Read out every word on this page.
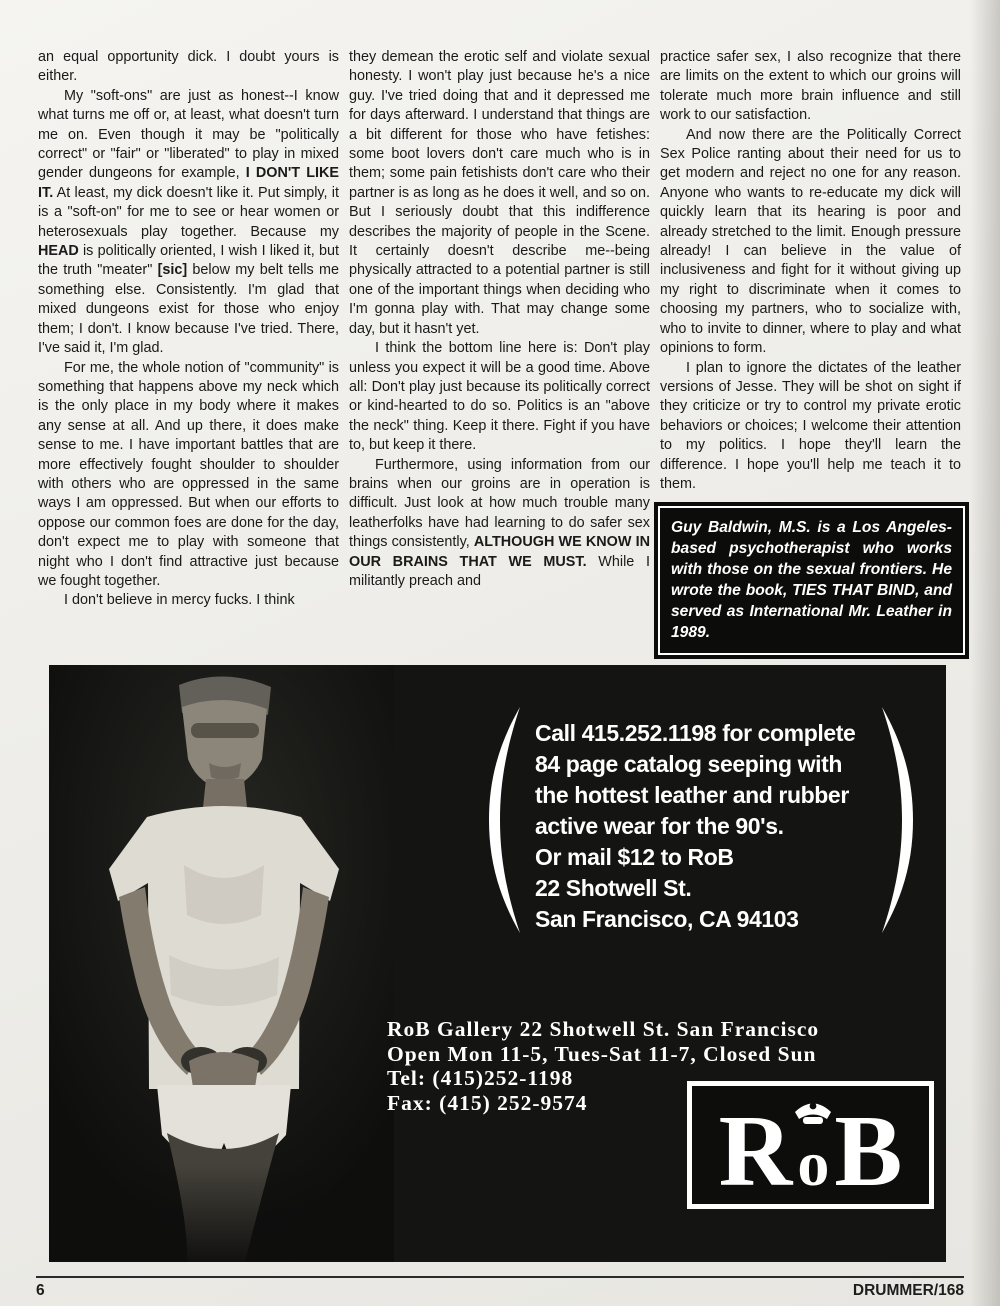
an equal opportunity dick. I doubt yours is either.

My "soft-ons" are just as honest--I know what turns me off or, at least, what doesn't turn me on. Even though it may be "politically correct" or "fair" or "liberated" to play in mixed gender dungeons for example, I DON'T LIKE IT. At least, my dick doesn't like it. Put simply, it is a "soft-on" for me to see or hear women or heterosexuals play together. Because my HEAD is politically oriented, I wish I liked it, but the truth "meater" [sic] below my belt tells me something else. Consistently. I'm glad that mixed dungeons exist for those who enjoy them; I don't. I know because I've tried. There, I've said it, I'm glad.

For me, the whole notion of "community" is something that happens above my neck which is the only place in my body where it makes any sense at all. And up there, it does make sense to me. I have important battles that are more effectively fought shoulder to shoulder with others who are oppressed in the same ways I am oppressed. But when our efforts to oppose our common foes are done for the day, don't expect me to play with someone that night who I don't find attractive just because we fought together.

I don't believe in mercy fucks. I think

they demean the erotic self and violate sexual honesty. I won't play just because he's a nice guy. I've tried doing that and it depressed me for days afterward. I understand that things are a bit different for those who have fetishes: some boot lovers don't care much who is in them; some pain fetishists don't care who their partner is as long as he does it well, and so on. But I seriously doubt that this indifference describes the majority of people in the Scene. It certainly doesn't describe me--being physically attracted to a potential partner is still one of the important things when deciding who I'm gonna play with. That may change some day, but it hasn't yet.

I think the bottom line here is: Don't play unless you expect it will be a good time. Above all: Don't play just because its politically correct or kind-hearted to do so. Politics is an "above the neck" thing. Keep it there. Fight if you have to, but keep it there.

Furthermore, using information from our brains when our groins are in operation is difficult. Just look at how much trouble many leatherfolks have had learning to do safer sex things consistently, ALTHOUGH WE KNOW IN OUR BRAINS THAT WE MUST. While I militantly preach and

practice safer sex, I also recognize that there are limits on the extent to which our groins will tolerate much more brain influence and still work to our satisfaction.

And now there are the Politically Correct Sex Police ranting about their need for us to get modern and reject no one for any reason. Anyone who wants to re-educate my dick will quickly learn that its hearing is poor and already stretched to the limit. Enough pressure already! I can believe in the value of inclusiveness and fight for it without giving up my right to discriminate when it comes to choosing my partners, who to socialize with, who to invite to dinner, where to play and what opinions to form.

I plan to ignore the dictates of the leather versions of Jesse. They will be shot on sight if they criticize or try to control my private erotic behaviors or choices; I welcome their attention to my politics. I hope they'll learn the difference. I hope you'll help me teach it to them.

Guy Baldwin, M.S. is a Los Angeles-based psychotherapist who works with those on the sexual frontiers. He wrote the book, TIES THAT BIND, and served as International Mr. Leather in 1989.

Call 415.252.1198 for complete
84 page catalog seeping with
the hottest leather and rubber
active wear for the 90's.
Or mail $12 to RoB
22 Shotwell St.
San Francisco, CA 94103
RoB Gallery 22 Shotwell St. San Francisco
Open Mon 11-5, Tues-Sat 11-7, Closed Sun
Tel: (415)252-1198
Fax: (415) 252-9574	R o B
6	DRUMMER/168
